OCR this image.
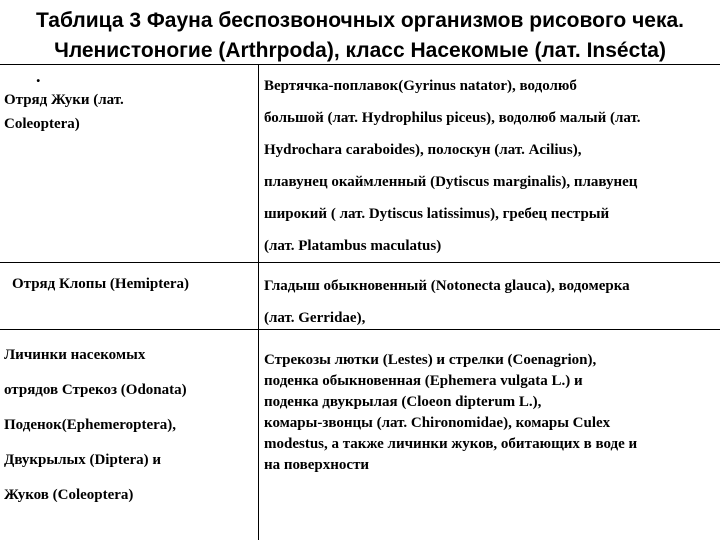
Таблица 3 Фауна беспозвоночных организмов рисового чека.
Членистоногие (Arthrpoda), класс Насекомые (лат. Inséсta)
.
Отряд Жуки (лат.
Coleoptera)
Вертячка-поплавок(Gyrinus natator), водолюб
большой (лат. Hydrophilus piceus), водолюб малый (лат.
Hydrochara caraboides), полоскун (лат. Acilius),
плавунец окаймленный (Dytiscus marginalis), плавунец
широкий ( лат. Dytiscus latissimus), гребец пестрый
(лат. Platambus maculatus)
Отряд Клопы (Hemiptera)	Гладыш обыкновенный (Notonecta glauca), водомерка
(лат. Gerridae),
Личинки насекомых
отрядов Стрекоз (Odonata)
Поденок(Ephemeroptera),
Двукрылых (Diptera) и
Жуков (Coleoptera)
Стрекозы лютки (Lestes) и стрелки (Coenagrion),
поденка обыкновенная (Ephemera vulgata L.) и
поденка двукрылая (Cloeon dipterum L.),
комары-звонцы (лат. Chironomidae), комары Culex
modestus, а также личинки жуков, обитающих в воде и
на поверхности
